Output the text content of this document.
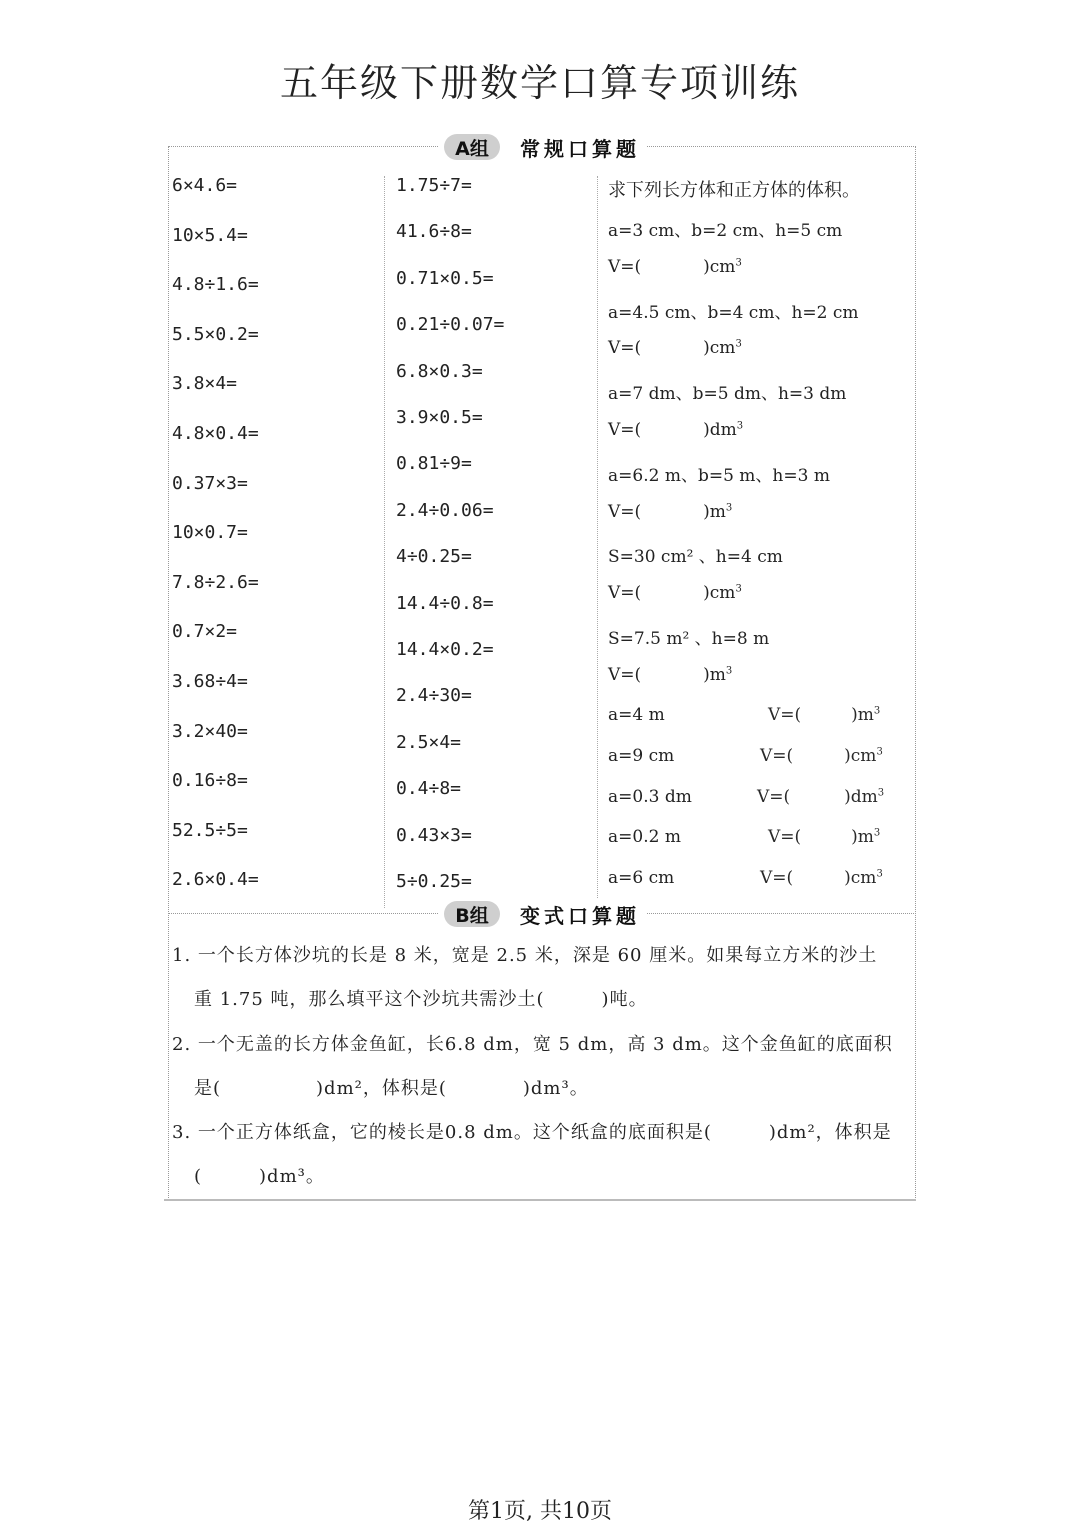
五年级下册数学口算专项训练
A组	常规口算题
6×4.6=
10×5.4=
4.8÷1.6=
5.5×0.2=
3.8×4=
4.8×0.4=
0.37×3=
10×0.7=
7.8÷2.6=
0.7×2=
3.68÷4=
3.2×40=
0.16÷8=
52.5÷5=
2.6×0.4=
1.75÷7=
41.6÷8=
0.71×0.5=
0.21÷0.07=
6.8×0.3=
3.9×0.5=
0.81÷9=
2.4÷0.06=
4÷0.25=
14.4÷0.8=
14.4×0.2=
2.4÷30=
2.5×4=
0.4÷8=
0.43×3=
5÷0.25=
求下列长方体和正方体的体积。
a=3 cm、b=2 cm、h=5 cm
V=(	)$cm^3$
a=4.5 cm、b=4 cm、h=2 cm
V=(	)$cm^3$
a=7 dm、b=5 dm、h=3 dm
V=(	)$dm^3$
a=6.2 m、b=5 m、h=3 m
V=(	)$m^3$
S=30 cm² 、h=4 cm
V=(	)$cm^3$
S=7.5 m² 、h=8 m
V=(	)$m^3$
a=4 m	V=(	)$m^3$
a=9 cm	V=(	)$cm^3$
a=0.3 dm	V=(	)$dm^3$
a=0.2 m	V=(	)$m^3$
a=6 cm	V=(	)$cm^3$
B组	变式口算题
1. 一个长方体沙坑的长是 8 米，宽是 2.5 米，深是 60 厘米。如果每立方米的沙土
重 1.75 吨，那么填平这个沙坑共需沙土(　　　)吨。
2. 一个无盖的长方体金鱼缸，长6.8 dm，宽 5 dm，高 3 dm。这个金鱼缸的底面积
是(　　　　　)dm²，体积是(　　　　)dm³。
3. 一个正方体纸盒，它的棱长是0.8 dm。这个纸盒的底面积是(　　　)dm²，体积是
(　　　)dm³。
第1页, 共10页
